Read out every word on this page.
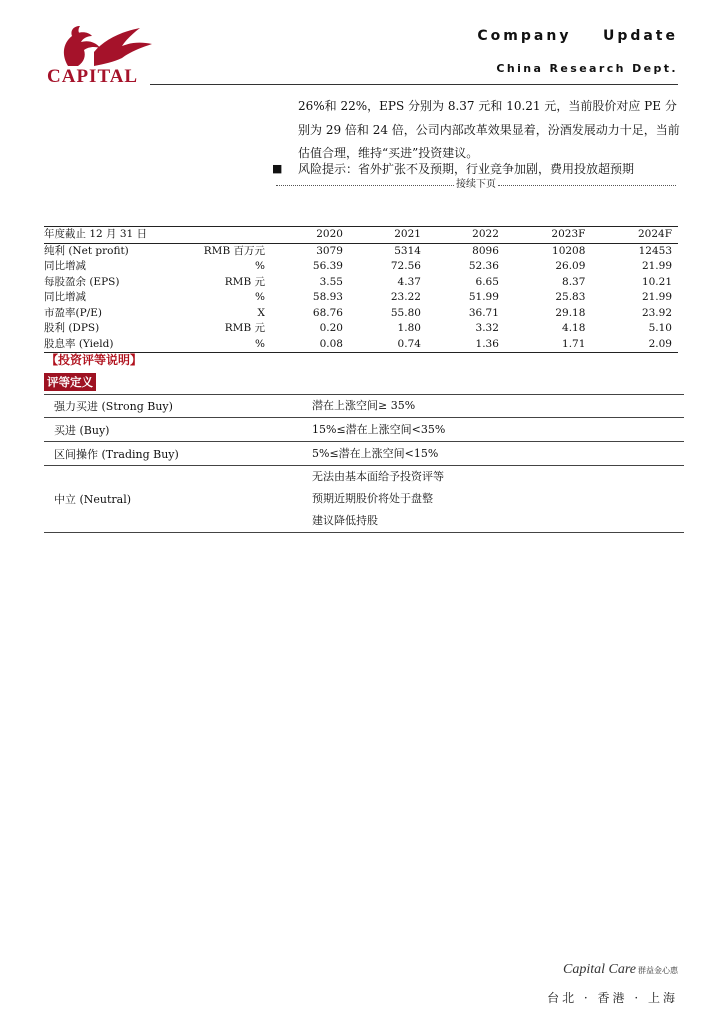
CAPITAL
Company    Update
China Research Dept.
26%和 22%，EPS 分别为 8.37 元和 10.21 元，当前股价对应 PE 分别为 29 倍和 24 倍，公司内部改革效果显着，汾酒发展动力十足，当前估值合理，维持“买进”投资建议。
■ 风险提示：省外扩张不及预期，行业竞争加剧，费用投放超预期
接续下页
年度截止 12 月 31 日		2020	2021	2022	2023F	2024F
纯利 (Net profit)	RMB 百万元	3079	5314	8096	10208	12453
同比增减	%	56.39	72.56	52.36	26.09	21.99
每股盈余 (EPS)	RMB 元	3.55	4.37	6.65	8.37	10.21
同比增减	%	58.93	23.22	51.99	25.83	21.99
市盈率(P/E)	X	68.76	55.80	36.71	29.18	23.92
股利 (DPS)	RMB 元	0.20	1.80	3.32	4.18	5.10
股息率 (Yield)	%	0.08	0.74	1.36	1.71	2.09
【投资评等说明】
评等定义
强力买进 (Strong Buy)	潜在上涨空间≥ 35%

买进 (Buy)	15%≤潜在上涨空间<35%

区间操作 (Trading Buy)	5%≤潜在上涨空间<15%

中立 (Neutral)	无法由基本面给予投资评等
预期近期股价将处于盘整
建议降低持股
Capital Care 群益金心惠
台北 · 香港 · 上海
